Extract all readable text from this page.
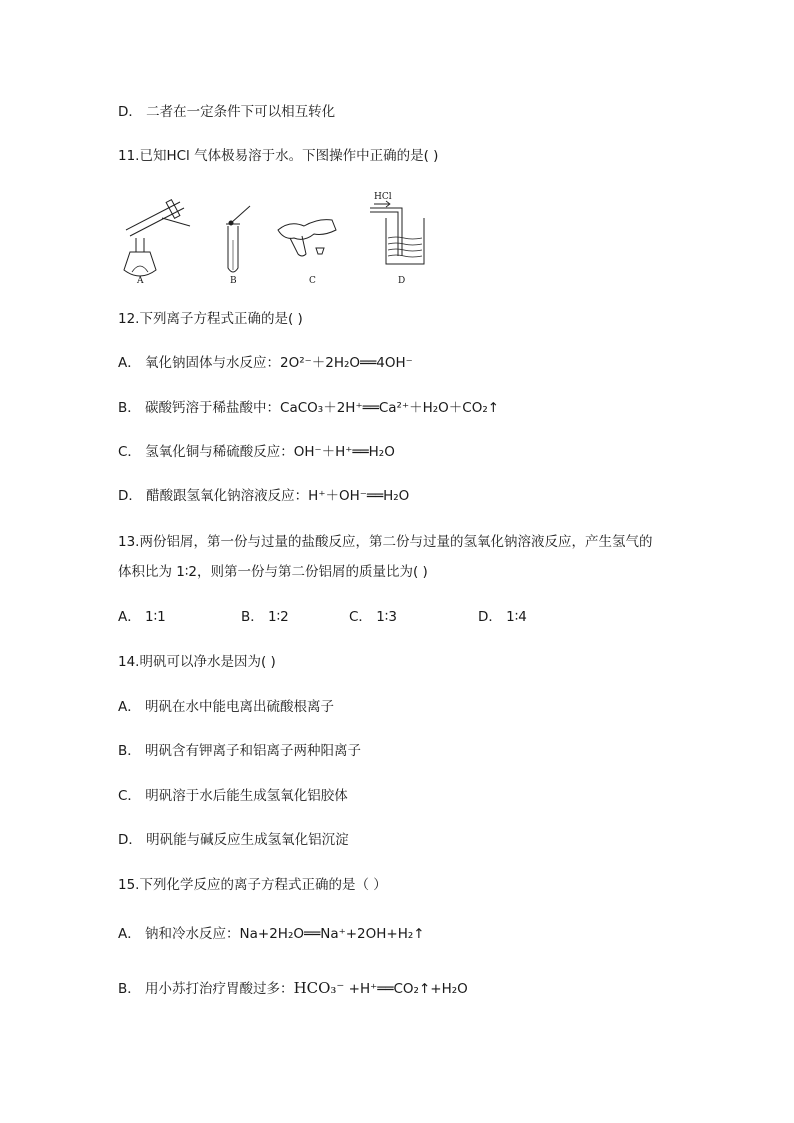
D． 二者在一定条件下可以相互转化
11.已知HCl 气体极易溶于水。下图操作中正确的是( )
A	B	C	D
HCl
12.下列离子方程式正确的是( )
A． 氧化钠固体与水反应：2O²⁻＋2H₂O══4OH⁻
B． 碳酸钙溶于稀盐酸中：CaCO₃＋2H⁺══Ca²⁺＋H₂O＋CO₂↑
C． 氢氧化铜与稀硫酸反应：OH⁻＋H⁺══H₂O
D． 醋酸跟氢氧化钠溶液反应：H⁺＋OH⁻══H₂O
13.两份铝屑，第一份与过量的盐酸反应，第二份与过量的氢氧化钠溶液反应，产生氢气的
体积比为 1∶2，则第一份与第二份铝屑的质量比为( )
A． 1∶1	B． 1∶2	C． 1∶3	D． 1∶4
14.明矾可以净水是因为( )
A． 明矾在水中能电离出硫酸根离子
B． 明矾含有钾离子和铝离子两种阳离子
C． 明矾溶于水后能生成氢氧化铝胶体
D． 明矾能与碱反应生成氢氧化铝沉淀
15.下列化学反应的离子方程式正确的是（ ）
A． 钠和冷水反应：Na+2H₂O══Na⁺+2OH+H₂↑
B． 用小苏打治疗胃酸过多：HCO₃⁻ +H⁺══CO₂↑+H₂O
